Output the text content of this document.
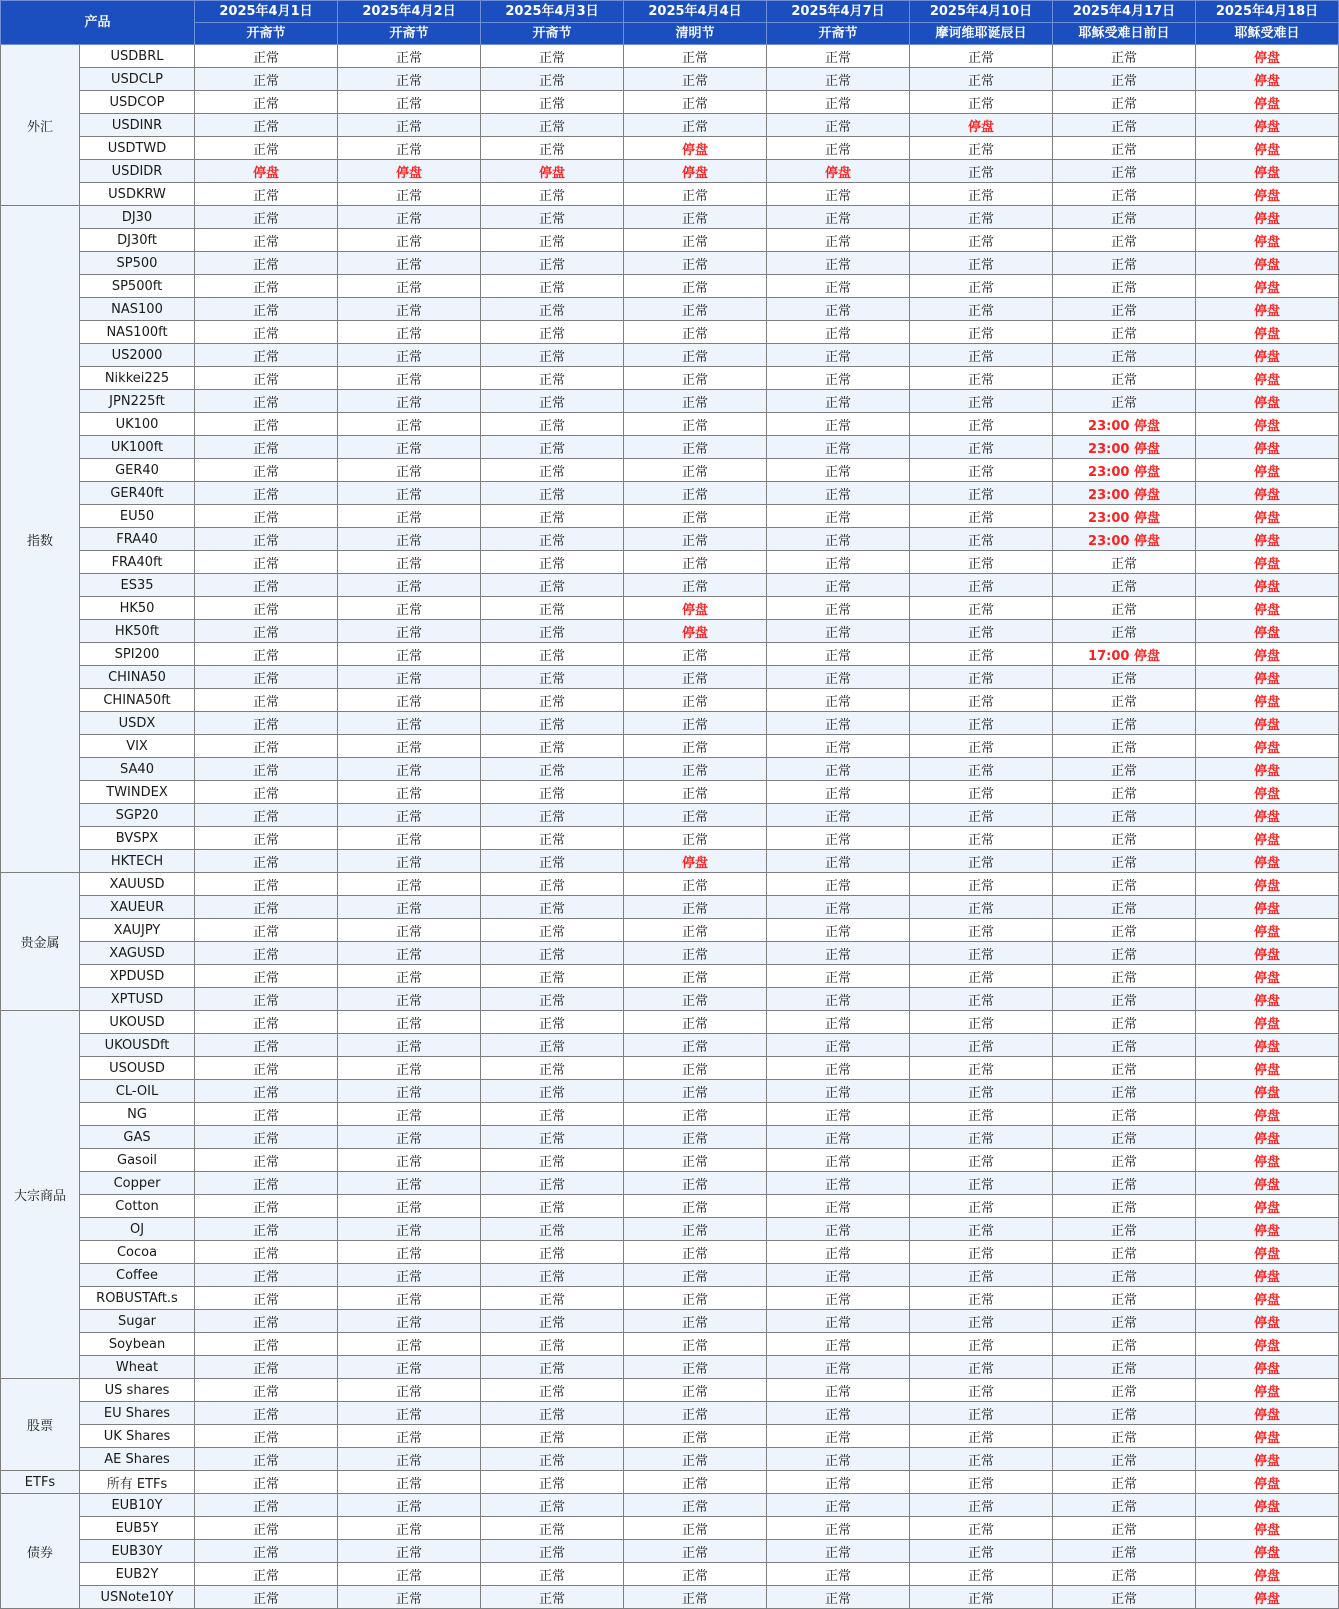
产品		2025年4月1日	2025年4月2日	2025年4月3日	2025年4月4日	2025年4月7日	2025年4月10日	2025年4月17日	2025年4月18日
		开斋节	开斋节	开斋节	清明节	开斋节	摩诃维耶诞辰日	耶稣受难日前日	耶稣受难日
外汇	USDBRL	正常	正常	正常	正常	正常	正常	正常	停盘
	USDCLP	正常	正常	正常	正常	正常	正常	正常	停盘
	USDCOP	正常	正常	正常	正常	正常	正常	正常	停盘
	USDINR	正常	正常	正常	正常	正常	停盘	正常	停盘
	USDTWD	正常	正常	正常	停盘	正常	正常	正常	停盘
	USDIDR	停盘	停盘	停盘	停盘	停盘	正常	正常	停盘
	USDKRW	正常	正常	正常	正常	正常	正常	正常	停盘
指数	DJ30	正常	正常	正常	正常	正常	正常	正常	停盘
	DJ30ft	正常	正常	正常	正常	正常	正常	正常	停盘
	SP500	正常	正常	正常	正常	正常	正常	正常	停盘
	SP500ft	正常	正常	正常	正常	正常	正常	正常	停盘
	NAS100	正常	正常	正常	正常	正常	正常	正常	停盘
	NAS100ft	正常	正常	正常	正常	正常	正常	正常	停盘
	US2000	正常	正常	正常	正常	正常	正常	正常	停盘
	Nikkei225	正常	正常	正常	正常	正常	正常	正常	停盘
	JPN225ft	正常	正常	正常	正常	正常	正常	正常	停盘
	UK100	正常	正常	正常	正常	正常	正常	23:00 停盘	停盘
	UK100ft	正常	正常	正常	正常	正常	正常	23:00 停盘	停盘
	GER40	正常	正常	正常	正常	正常	正常	23:00 停盘	停盘
	GER40ft	正常	正常	正常	正常	正常	正常	23:00 停盘	停盘
	EU50	正常	正常	正常	正常	正常	正常	23:00 停盘	停盘
	FRA40	正常	正常	正常	正常	正常	正常	23:00 停盘	停盘
	FRA40ft	正常	正常	正常	正常	正常	正常	正常	停盘
	ES35	正常	正常	正常	正常	正常	正常	正常	停盘
	HK50	正常	正常	正常	停盘	正常	正常	正常	停盘
	HK50ft	正常	正常	正常	停盘	正常	正常	正常	停盘
	SPI200	正常	正常	正常	正常	正常	正常	17:00 停盘	停盘
	CHINA50	正常	正常	正常	正常	正常	正常	正常	停盘
	CHINA50ft	正常	正常	正常	正常	正常	正常	正常	停盘
	USDX	正常	正常	正常	正常	正常	正常	正常	停盘
	VIX	正常	正常	正常	正常	正常	正常	正常	停盘
	SA40	正常	正常	正常	正常	正常	正常	正常	停盘
	TWINDEX	正常	正常	正常	正常	正常	正常	正常	停盘
	SGP20	正常	正常	正常	正常	正常	正常	正常	停盘
	BVSPX	正常	正常	正常	正常	正常	正常	正常	停盘
	HKTECH	正常	正常	正常	停盘	正常	正常	正常	停盘
贵金属	XAUUSD	正常	正常	正常	正常	正常	正常	正常	停盘
	XAUEUR	正常	正常	正常	正常	正常	正常	正常	停盘
	XAUJPY	正常	正常	正常	正常	正常	正常	正常	停盘
	XAGUSD	正常	正常	正常	正常	正常	正常	正常	停盘
	XPDUSD	正常	正常	正常	正常	正常	正常	正常	停盘
	XPTUSD	正常	正常	正常	正常	正常	正常	正常	停盘
大宗商品	UKOUSD	正常	正常	正常	正常	正常	正常	正常	停盘
	UKOUSDft	正常	正常	正常	正常	正常	正常	正常	停盘
	USOUSD	正常	正常	正常	正常	正常	正常	正常	停盘
	CL-OIL	正常	正常	正常	正常	正常	正常	正常	停盘
	NG	正常	正常	正常	正常	正常	正常	正常	停盘
	GAS	正常	正常	正常	正常	正常	正常	正常	停盘
	Gasoil	正常	正常	正常	正常	正常	正常	正常	停盘
	Copper	正常	正常	正常	正常	正常	正常	正常	停盘
	Cotton	正常	正常	正常	正常	正常	正常	正常	停盘
	OJ	正常	正常	正常	正常	正常	正常	正常	停盘
	Cocoa	正常	正常	正常	正常	正常	正常	正常	停盘
	Coffee	正常	正常	正常	正常	正常	正常	正常	停盘
	ROBUSTAft.s	正常	正常	正常	正常	正常	正常	正常	停盘
	Sugar	正常	正常	正常	正常	正常	正常	正常	停盘
	Soybean	正常	正常	正常	正常	正常	正常	正常	停盘
	Wheat	正常	正常	正常	正常	正常	正常	正常	停盘
股票	US shares	正常	正常	正常	正常	正常	正常	正常	停盘
	EU Shares	正常	正常	正常	正常	正常	正常	正常	停盘
	UK Shares	正常	正常	正常	正常	正常	正常	正常	停盘
	AE Shares	正常	正常	正常	正常	正常	正常	正常	停盘
ETFs	所有 ETFs	正常	正常	正常	正常	正常	正常	正常	停盘
债券	EUB10Y	正常	正常	正常	正常	正常	正常	正常	停盘
	EUB5Y	正常	正常	正常	正常	正常	正常	正常	停盘
	EUB30Y	正常	正常	正常	正常	正常	正常	正常	停盘
	EUB2Y	正常	正常	正常	正常	正常	正常	正常	停盘
	USNote10Y	正常	正常	正常	正常	正常	正常	正常	停盘
